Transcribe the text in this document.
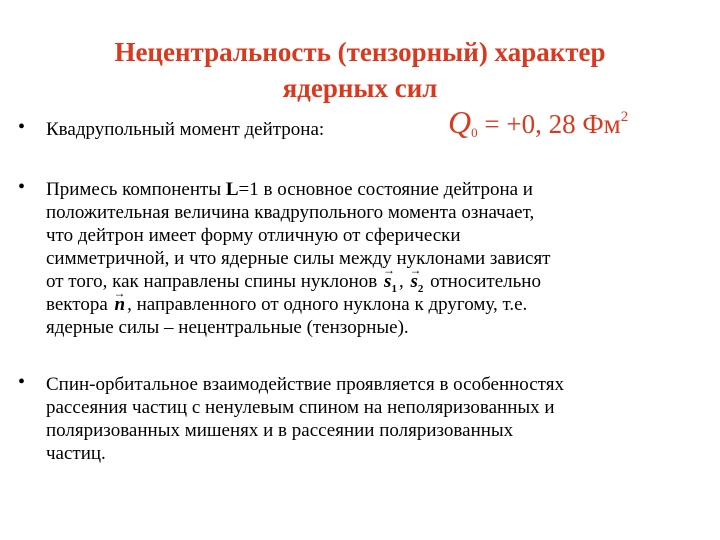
Нецентральность (тензорный) характер
ядерных сил
• Квадрупольный момент дейтрона:	$Q_0 = +0$, 28 $Фм^2$
• Примесь компоненты L=1 в основное состояние дейтрона и
положительная величина квадрупольного момента означает,
что дейтрон имеет форму отличную от сферически
симметричной, и что ядерные силы между нуклонами зависят
от того, как направлены спины нуклонов → $s_1$ , → $s_2$ относительно
вектора → n , направленного от одного нуклона к другому, т.е.
ядерные силы – нецентральные (тензорные).
• Спин-орбитальное взаимодействие проявляется в особенностях
рассеяния частиц с ненулевым спином на неполяризованных и
поляризованных мишенях и в рассеянии поляризованных
частиц.
